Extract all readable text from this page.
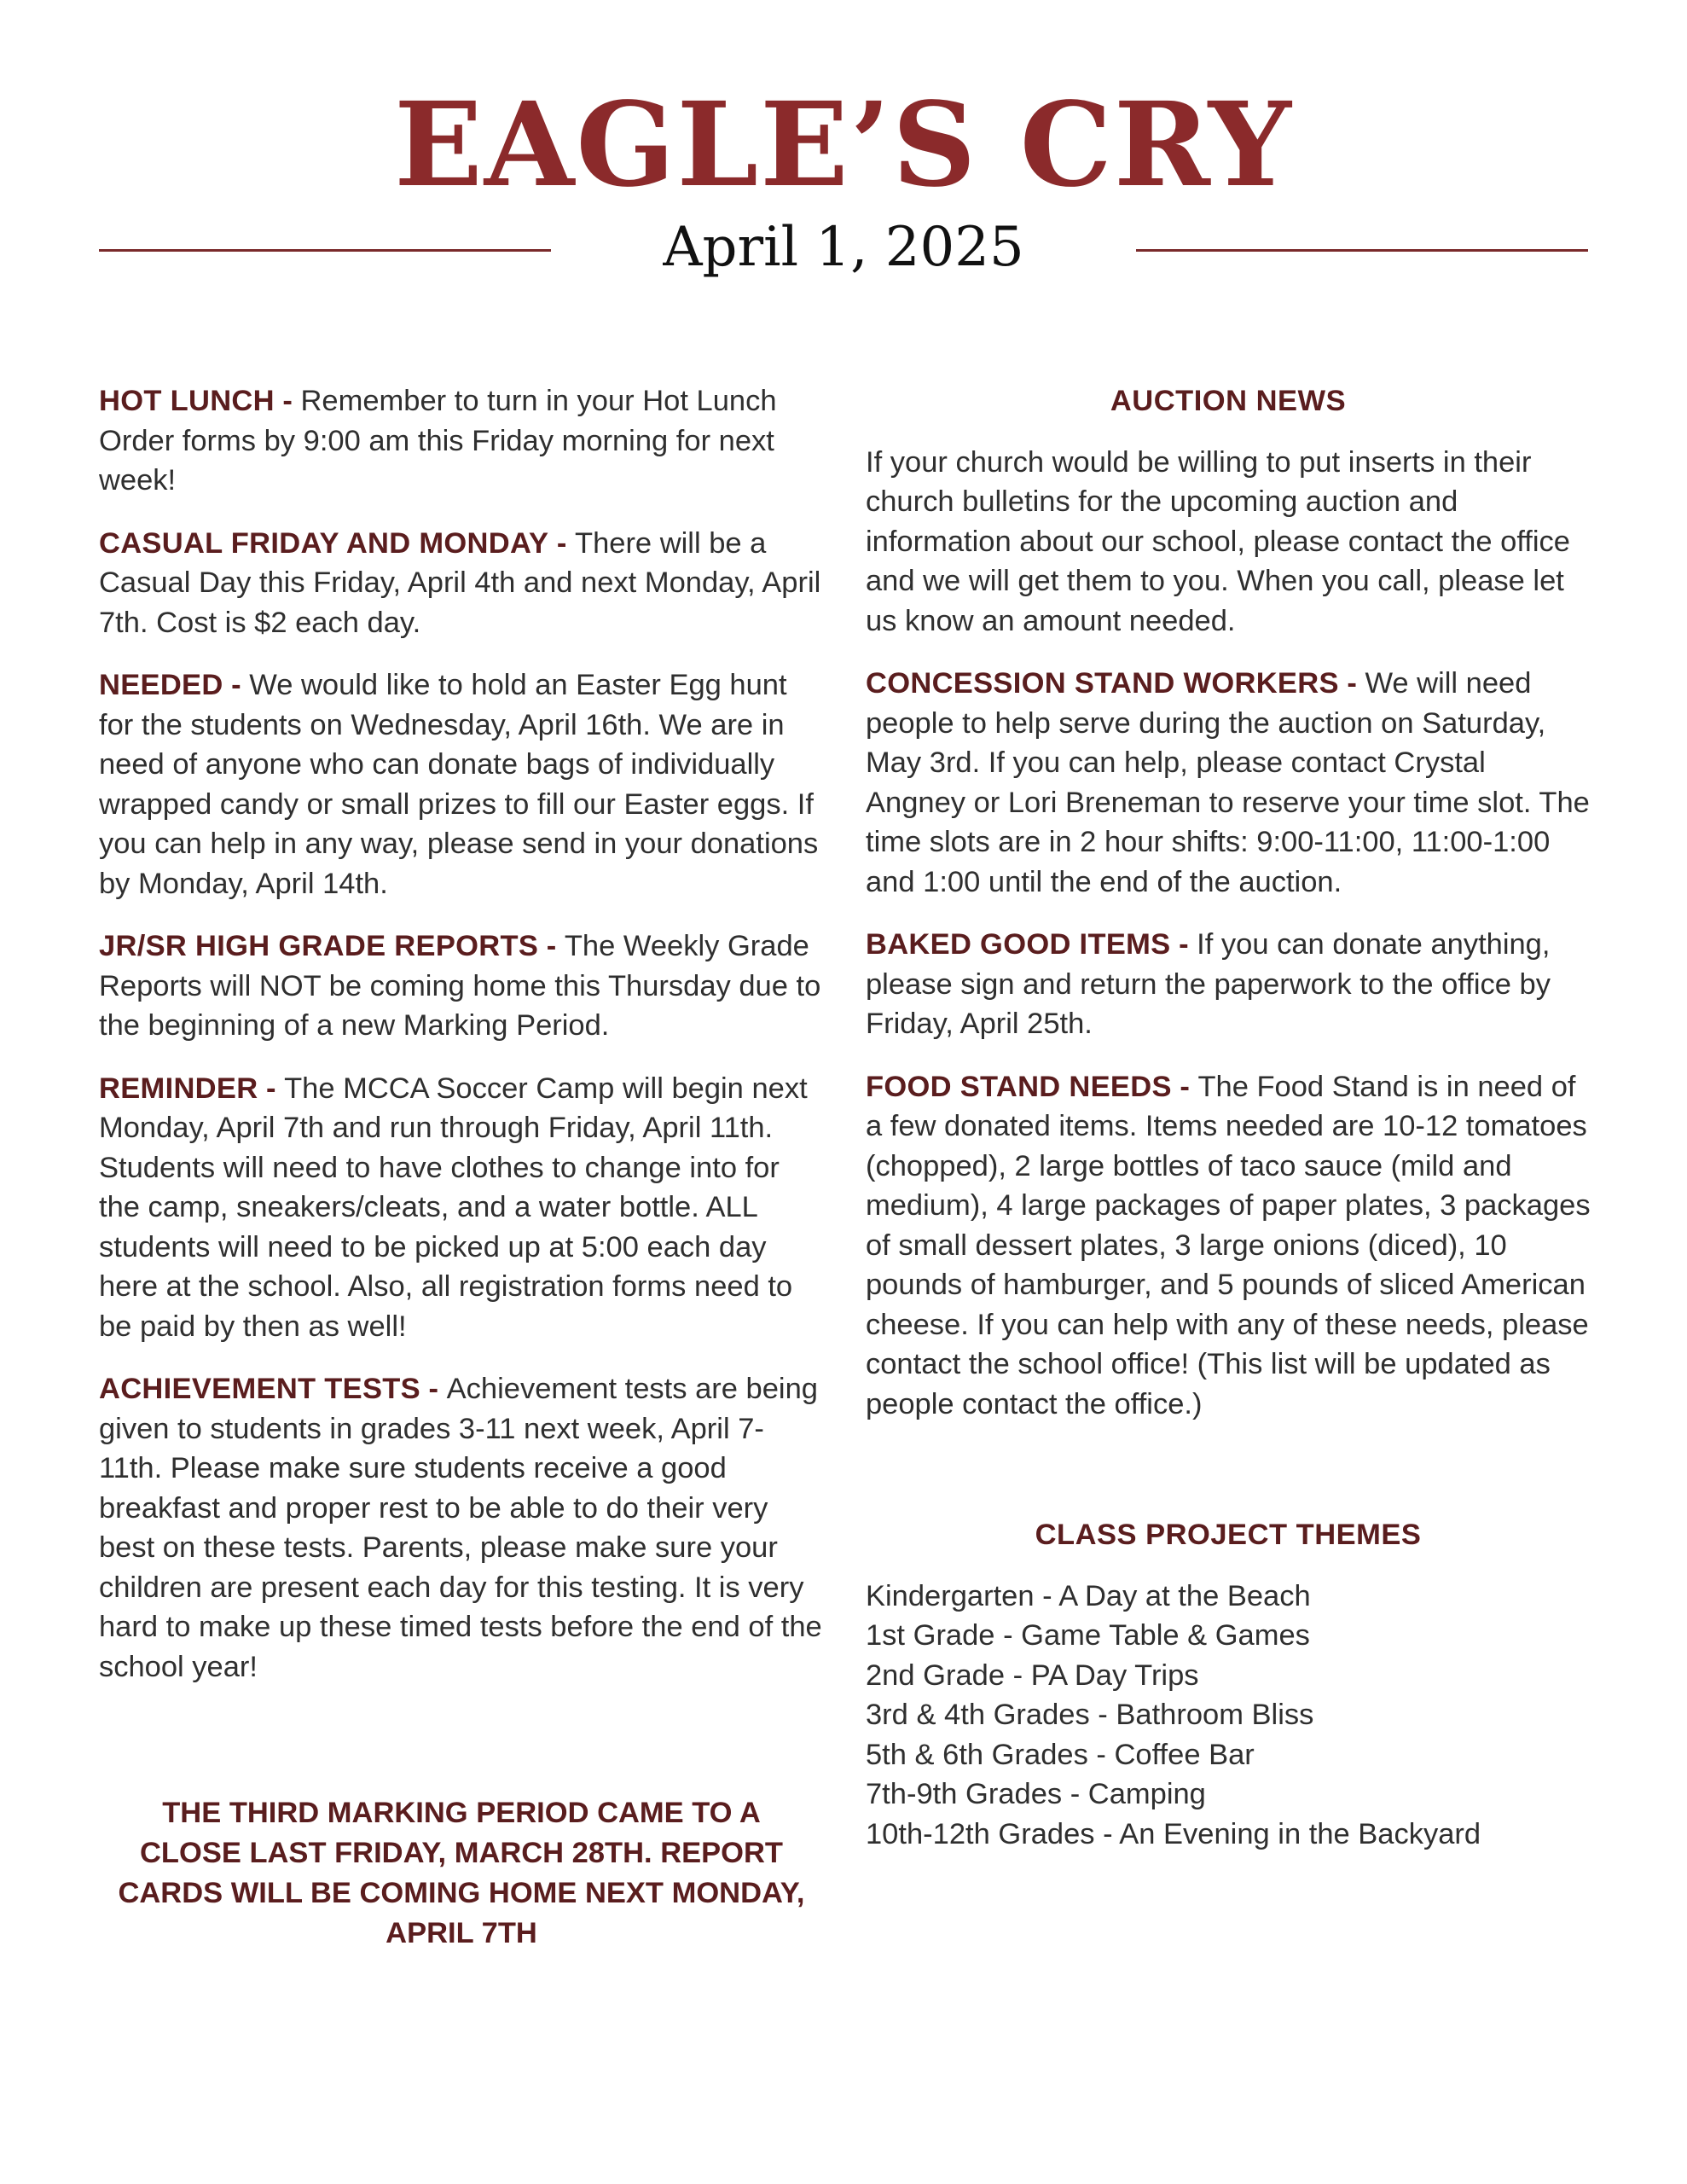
EAGLE’S CRY
April 1, 2025

HOT LUNCH - Remember to turn in your Hot Lunch Order forms by 9:00 am this Friday morning for next week!

CASUAL FRIDAY AND MONDAY - There will be a Casual Day this Friday, April 4th and next Monday, April 7th. Cost is $2 each day.

NEEDED - We would like to hold an Easter Egg hunt for the students on Wednesday, April 16th. We are in need of anyone who can donate bags of individually wrapped candy or small prizes to fill our Easter eggs. If you can help in any way, please send in your donations by Monday, April 14th.

JR/SR HIGH GRADE REPORTS - The Weekly Grade Reports will NOT be coming home this Thursday due to the beginning of a new Marking Period.

REMINDER - The MCCA Soccer Camp will begin next Monday, April 7th and run through Friday, April 11th. Students will need to have clothes to change into for the camp, sneakers/cleats, and a water bottle. ALL students will need to be picked up at 5:00 each day here at the school. Also, all registration forms need to be paid by then as well!

ACHIEVEMENT TESTS - Achievement tests are being given to students in grades 3-11 next week, April 7-11th. Please make sure students receive a good breakfast and proper rest to be able to do their very best on these tests. Parents, please make sure your children are present each day for this testing. It is very hard to make up these timed tests before the end of the school year!

THE THIRD MARKING PERIOD CAME TO A CLOSE LAST FRIDAY, MARCH 28TH. REPORT CARDS WILL BE COMING HOME NEXT MONDAY, APRIL 7TH
AUCTION NEWS

If your church would be willing to put inserts in their church bulletins for the upcoming auction and information about our school, please contact the office and we will get them to you. When you call, please let us know an amount needed.

CONCESSION STAND WORKERS - We will need people to help serve during the auction on Saturday, May 3rd. If you can help, please contact Crystal Angney or Lori Breneman to reserve your time slot. The time slots are in 2 hour shifts: 9:00-11:00, 11:00-1:00 and 1:00 until the end of the auction.

BAKED GOOD ITEMS - If you can donate anything, please sign and return the paperwork to the office by Friday, April 25th.

FOOD STAND NEEDS - The Food Stand is in need of a few donated items. Items needed are 10-12 tomatoes (chopped), 2 large bottles of taco sauce (mild and medium), 4 large packages of paper plates, 3 packages of small dessert plates, 3 large onions (diced), 10 pounds of hamburger, and 5 pounds of sliced American cheese. If you can help with any of these needs, please contact the school office! (This list will be updated as people contact the office.)

CLASS PROJECT THEMES
Kindergarten - A Day at the Beach
1st Grade - Game Table & Games
2nd Grade - PA Day Trips
3rd & 4th Grades - Bathroom Bliss
5th & 6th Grades - Coffee Bar
7th-9th Grades - Camping
10th-12th Grades - An Evening in the Backyard
